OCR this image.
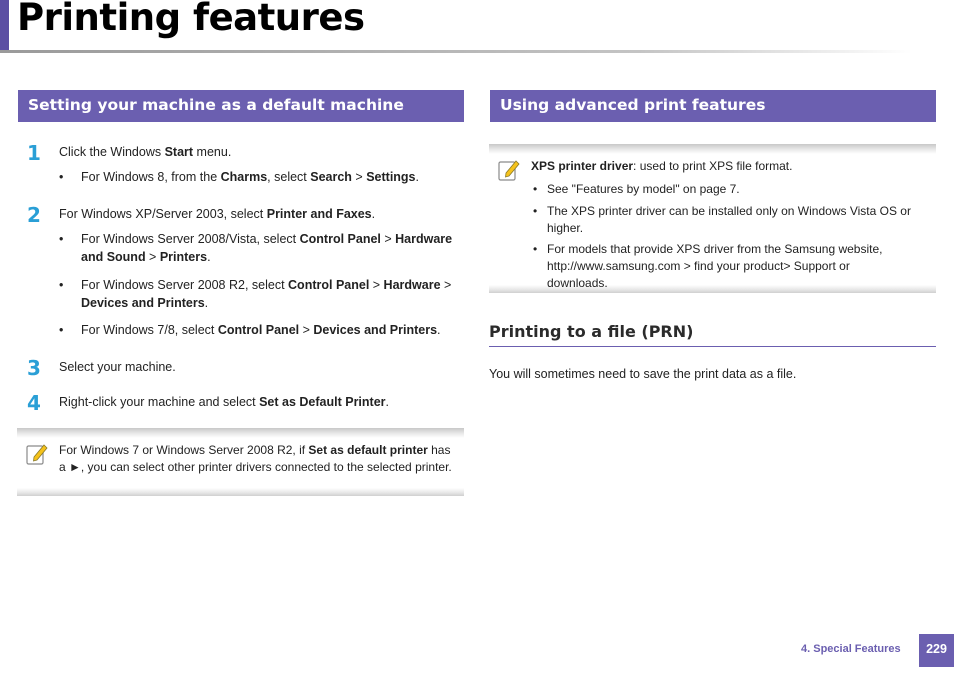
Printing features
Setting your machine as a default machine
1	Click the Windows Start menu.
• For Windows 8, from the Charms, select Search > Settings.
2	For Windows XP/Server 2003, select Printer and Faxes.
• For Windows Server 2008/Vista, select Control Panel > Hardware and Sound > Printers.
• For Windows Server 2008 R2, select Control Panel > Hardware > Devices and Printers.
• For Windows 7/8, select Control Panel > Devices and Printers.
3	Select your machine.
4	Right-click your machine and select Set as Default Printer.
For Windows 7 or Windows Server 2008 R2, if Set as default printer has a ►, you can select other printer drivers connected to the selected printer.
Using advanced print features
XPS printer driver: used to print XPS file format.
• See "Features by model" on page 7.
• The XPS printer driver can be installed only on Windows Vista OS or higher.
• For models that provide XPS driver from the Samsung website, http://www.samsung.com > find your product> Support or downloads.
Printing to a file (PRN)
You will sometimes need to save the print data as a file.
4. Special Features	229
